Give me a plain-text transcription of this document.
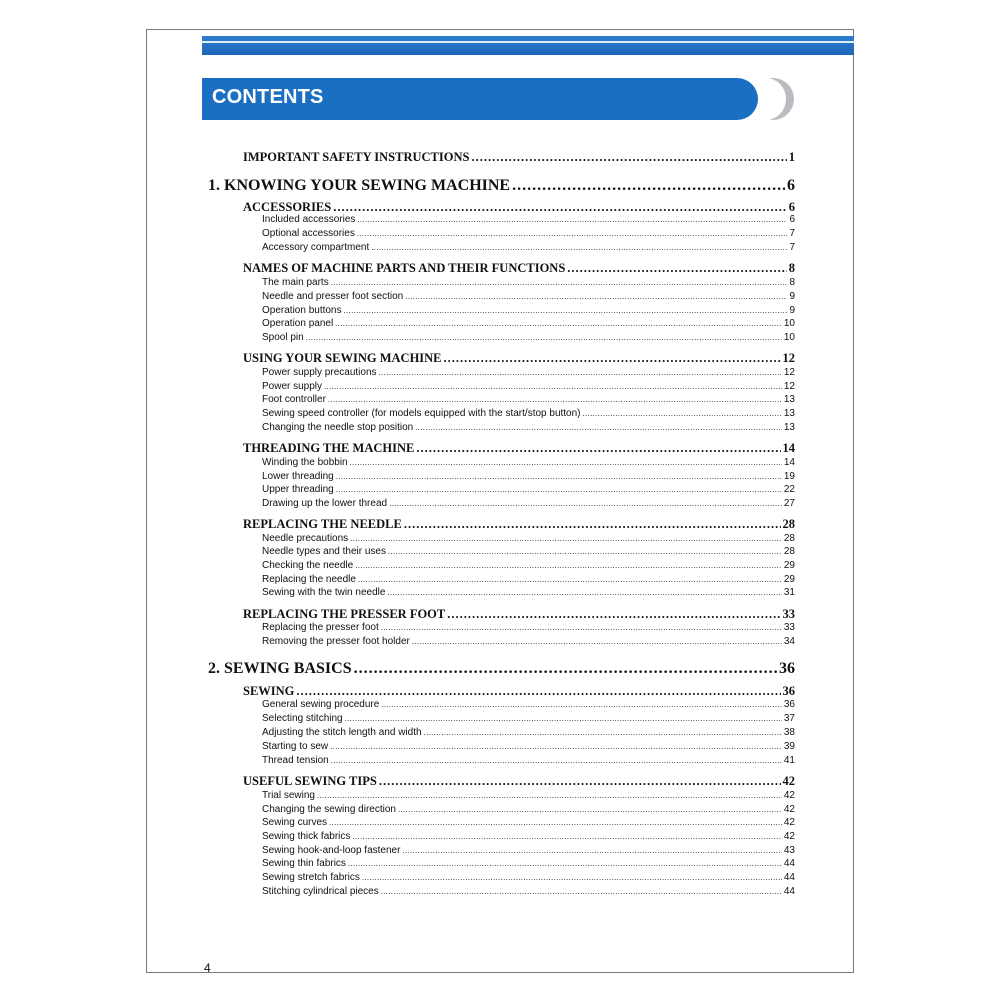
CONTENTS
IMPORTANT SAFETY INSTRUCTIONS .....	1
1. KNOWING YOUR SEWING MACHINE .....	6
ACCESSORIES .....	6
Included accessories .....	6
Optional accessories .....	7
Accessory compartment .....	7
NAMES OF MACHINE PARTS AND THEIR FUNCTIONS .....	8
The main parts .....	8
Needle and presser foot section .....	9
Operation buttons .....	9
Operation panel .....	10
Spool pin .....	10
USING YOUR SEWING MACHINE .....	12
Power supply precautions .....	12
Power supply .....	12
Foot controller .....	13
Sewing speed controller (for models equipped with the start/stop button) .....	13
Changing the needle stop position .....	13
THREADING THE MACHINE .....	14
Winding the bobbin .....	14
Lower threading .....	19
Upper threading .....	22
Drawing up the lower thread .....	27
REPLACING THE NEEDLE .....	28
Needle precautions .....	28
Needle types and their uses .....	28
Checking the needle .....	29
Replacing the needle .....	29
Sewing with the twin needle .....	31
REPLACING THE PRESSER FOOT .....	33
Replacing the presser foot .....	33
Removing the presser foot holder .....	34
2. SEWING BASICS .....	36
SEWING .....	36
General sewing procedure .....	36
Selecting stitching .....	37
Adjusting the stitch length and width .....	38
Starting to sew .....	39
Thread tension .....	41
USEFUL SEWING TIPS .....	42
Trial sewing .....	42
Changing the sewing direction .....	42
Sewing curves .....	42
Sewing thick fabrics .....	42
Sewing hook-and-loop fastener .....	43
Sewing thin fabrics .....	44
Sewing stretch fabrics .....	44
Stitching cylindrical pieces .....	44
4
